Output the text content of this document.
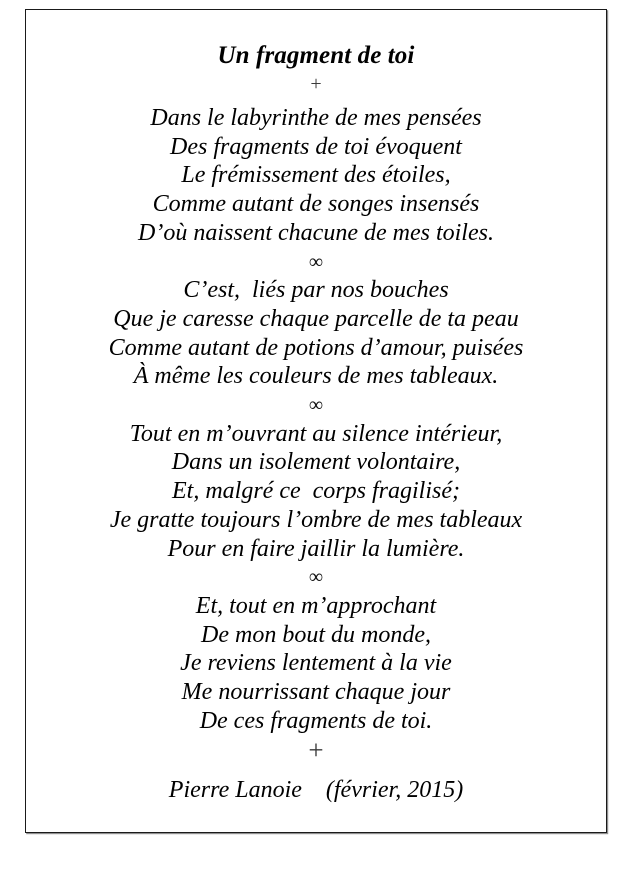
Un fragment de toi
+
Dans le labyrinthe de mes pensées
Des fragments de toi évoquent
Le frémissement des étoiles,
Comme autant de songes insensés
D’où naissent chacune de mes toiles.
∞
C’est,  liés par nos bouches
Que je caresse chaque parcelle de ta peau
Comme autant de potions d’amour, puisées
À même les couleurs de mes tableaux.
∞
Tout en m’ouvrant au silence intérieur,
Dans un isolement volontaire,
Et, malgré ce  corps fragilisé;
Je gratte toujours l’ombre de mes tableaux
Pour en faire jaillir la lumière.
∞
Et, tout en m’approchant
De mon bout du monde,
Je reviens lentement à la vie
Me nourrissant chaque jour
De ces fragments de toi.
+
Pierre Lanoie    (février, 2015)
